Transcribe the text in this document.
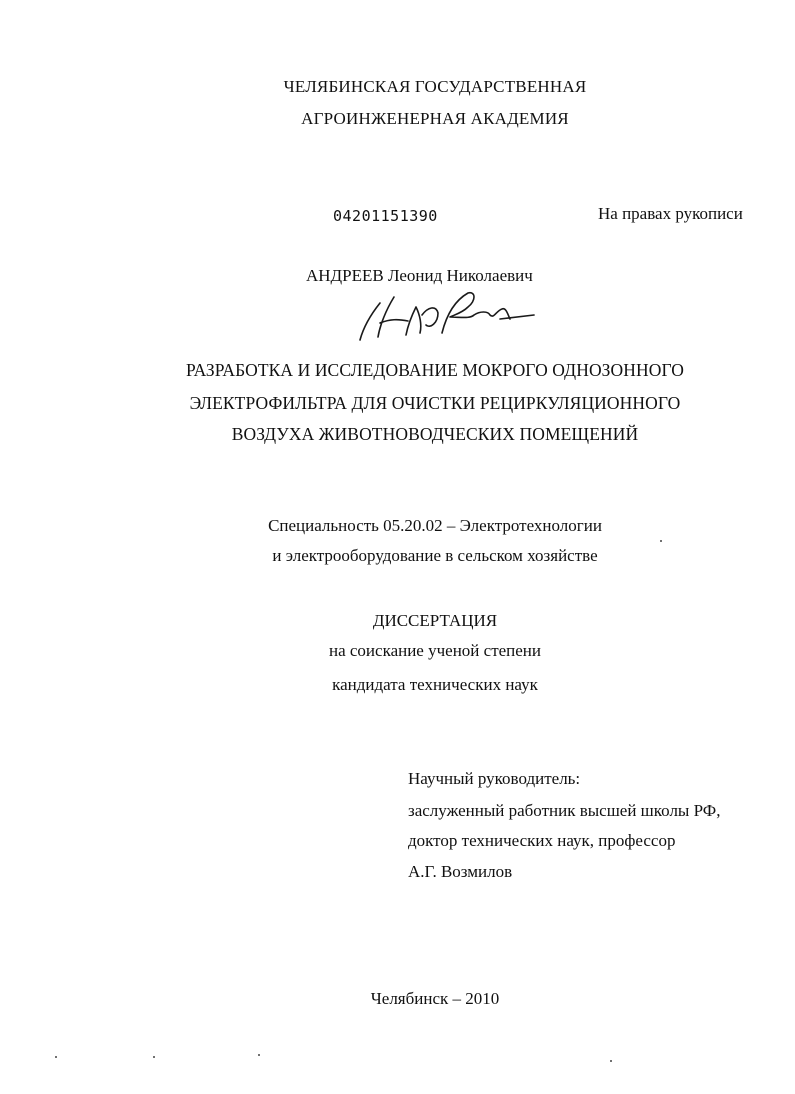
ЧЕЛЯБИНСКАЯ ГОСУДАРСТВЕННАЯ
АГРОИНЖЕНЕРНАЯ АКАДЕМИЯ
04201151390	На правах рукописи
АНДРЕЕВ Леонид Николаевич
РАЗРАБОТКА И ИССЛЕДОВАНИЕ МОКРОГО ОДНОЗОННОГО
ЭЛЕКТРОФИЛЬТРА ДЛЯ ОЧИСТКИ РЕЦИРКУЛЯЦИОННОГО
ВОЗДУХА ЖИВОТНОВОДЧЕСКИХ ПОМЕЩЕНИЙ
Специальность 05.20.02 – Электротехнологии
и электрооборудование в сельском хозяйстве
ДИССЕРТАЦИЯ
на соискание ученой степени
кандидата технических наук
Научный руководитель:
заслуженный работник высшей школы РФ,
доктор технических наук, профессор
А.Г. Возмилов
Челябинск – 2010
